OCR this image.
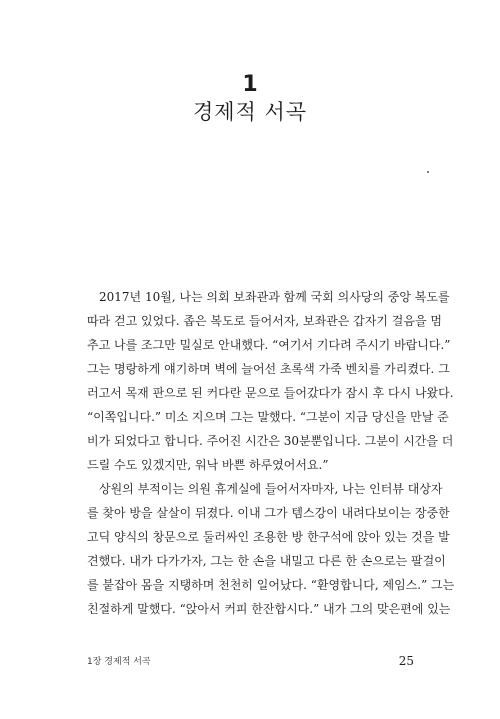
1
경제적 서곡
2017년 10월, 나는 의회 보좌관과 함께 국회 의사당의 중앙 복도를
따라 걷고 있었다. 좁은 복도로 들어서자, 보좌관은 갑자기 걸음을 멈
추고 나를 조그만 밀실로 안내했다. “여기서 기다려 주시기 바랍니다.”
그는 명랑하게 얘기하며 벽에 늘어선 초록색 가죽 벤치를 가리켰다. 그
러고서 목재 판으로 된 커다란 문으로 들어갔다가 잠시 후 다시 나왔다.
“이쪽입니다.” 미소 지으며 그는 말했다. “그분이 지금 당신을 만날 준
비가 되었다고 합니다. 주어진 시간은 30분뿐입니다. 그분이 시간을 더
드릴 수도 있겠지만, 워낙 바쁜 하루였어서요.”
상원의 부적이는 의원 휴게실에 들어서자마자, 나는 인터뷰 대상자
를 찾아 방을 살살이 뒤졌다. 이내 그가 템스강이 내려다보이는 장중한
고딕 양식의 창문으로 둘러싸인 조용한 방 한구석에 앉아 있는 것을 발
견했다. 내가 다가가자, 그는 한 손을 내밀고 다른 한 손으로는 팔걸이
를 붙잡아 몸을 지탱하며 천천히 일어났다. “환영합니다, 제임스.” 그는
친절하게 말했다. “앉아서 커피 한잔합시다.” 내가 그의 맞은편에 있는
1장 경제적 서곡	25
